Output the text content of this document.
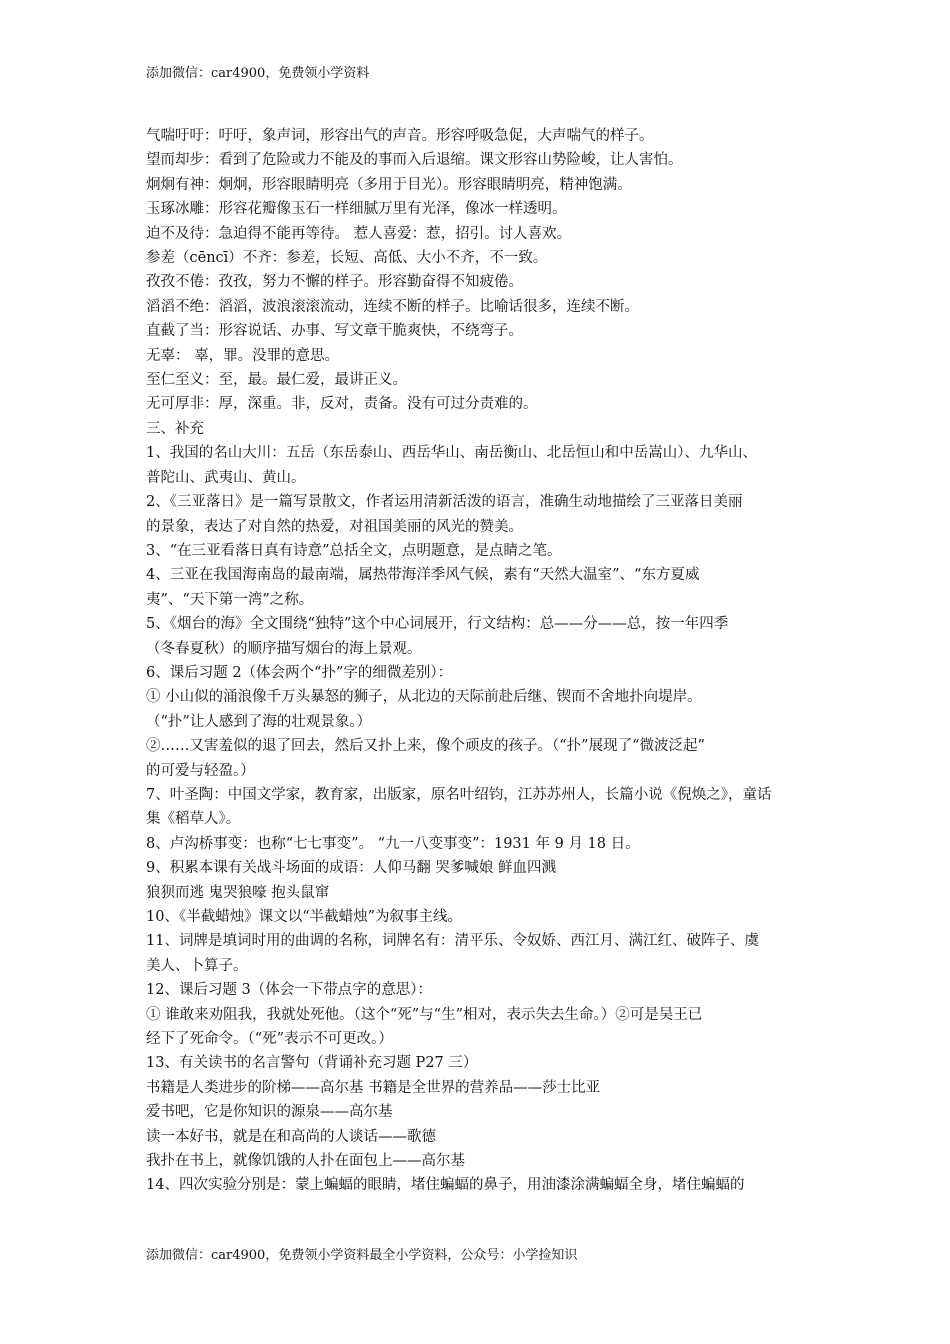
添加微信：car4900，免费领小学资料

气喘吁吁：吁吁，象声词，形容出气的声音。形容呼吸急促，大声喘气的样子。

望而却步：看到了危险或力不能及的事而入后退缩。课文形容山势险峻，让人害怕。

炯炯有神：炯炯，形容眼睛明亮（多用于目光）。形容眼睛明亮，精神饱满。

玉琢冰雕：形容花瓣像玉石一样细腻万里有光泽，像冰一样透明。

迫不及待：急迫得不能再等待。 惹人喜爱：惹，招引。讨人喜欢。

参差（cēncī）不齐：参差，长短、高低、大小不齐，不一致。

孜孜不倦：孜孜，努力不懈的样子。形容勤奋得不知疲倦。

滔滔不绝：滔滔，波浪滚滚流动，连续不断的样子。比喻话很多，连续不断。

直截了当：形容说话、办事、写文章干脆爽快，不绕弯子。

无辜： 辜，罪。没罪的意思。

至仁至义：至，最。最仁爱，最讲正义。

无可厚非：厚，深重。非，反对，责备。没有可过分责难的。

三、补充

1、我国的名山大川：五岳（东岳泰山、西岳华山、南岳衡山、北岳恒山和中岳嵩山）、九华山、

普陀山、武夷山、黄山。

2、《三亚落日》是一篇写景散文，作者运用清新活泼的语言，准确生动地描绘了三亚落日美丽

的景象，表达了对自然的热爱，对祖国美丽的风光的赞美。

3、“在三亚看落日真有诗意”总括全文，点明题意，是点睛之笔。

4、三亚在我国海南岛的最南端，属热带海洋季风气候，素有“天然大温室”、“东方夏威

夷”、“天下第一湾”之称。

5、《烟台的海》全文围绕“独特”这个中心词展开，行文结构：总——分——总，按一年四季

（冬春夏秋）的顺序描写烟台的海上景观。

6、课后习题 2（体会两个“扑”字的细微差别）：

① 小山似的涌浪像千万头暴怒的狮子，从北边的天际前赴后继、锲而不舍地扑向堤岸。

（“扑”让人感到了海的壮观景象。）

②……又害羞似的退了回去，然后又扑上来，像个顽皮的孩子。（“扑”展现了“微波泛起”

的可爱与轻盈。）

7、叶圣陶：中国文学家，教育家，出版家，原名叶绍钧，江苏苏州人，长篇小说《倪焕之》，童话

集《稻草人》。

8、卢沟桥事变：也称“七七事变”。 “九一八变事变”：1931 年 9 月 18 日。

9、积累本课有关战斗场面的成语：人仰马翻 哭爹喊娘 鲜血四溅

狼狈而逃 鬼哭狼嚎 抱头鼠窜

10、《半截蜡烛》课文以“半截蜡烛”为叙事主线。

11、词牌是填词时用的曲调的名称，词牌名有：清平乐、令奴娇、西江月、满江红、破阵子、虞

美人、卜算子。

12、课后习题 3（体会一下带点字的意思）：

① 谁敢来劝阻我，我就处死他。（这个“死”与“生”相对，表示失去生命。）②可是吴王已

经下了死命令。（“死”表示不可更改。）

13、有关读书的名言警句（背诵补充习题 P27 三）

书籍是人类进步的阶梯——高尔基 书籍是全世界的营养品——莎士比亚

爱书吧，它是你知识的源泉——高尔基

读一本好书，就是在和高尚的人谈话——歌德

我扑在书上，就像饥饿的人扑在面包上——高尔基

14、四次实验分别是：蒙上蝙蝠的眼睛，堵住蝙蝠的鼻子，用油漆涂满蝙蝠全身，堵住蝙蝠的

添加微信：car4900，免费领小学资料最全小学资料，公众号：小学捡知识
